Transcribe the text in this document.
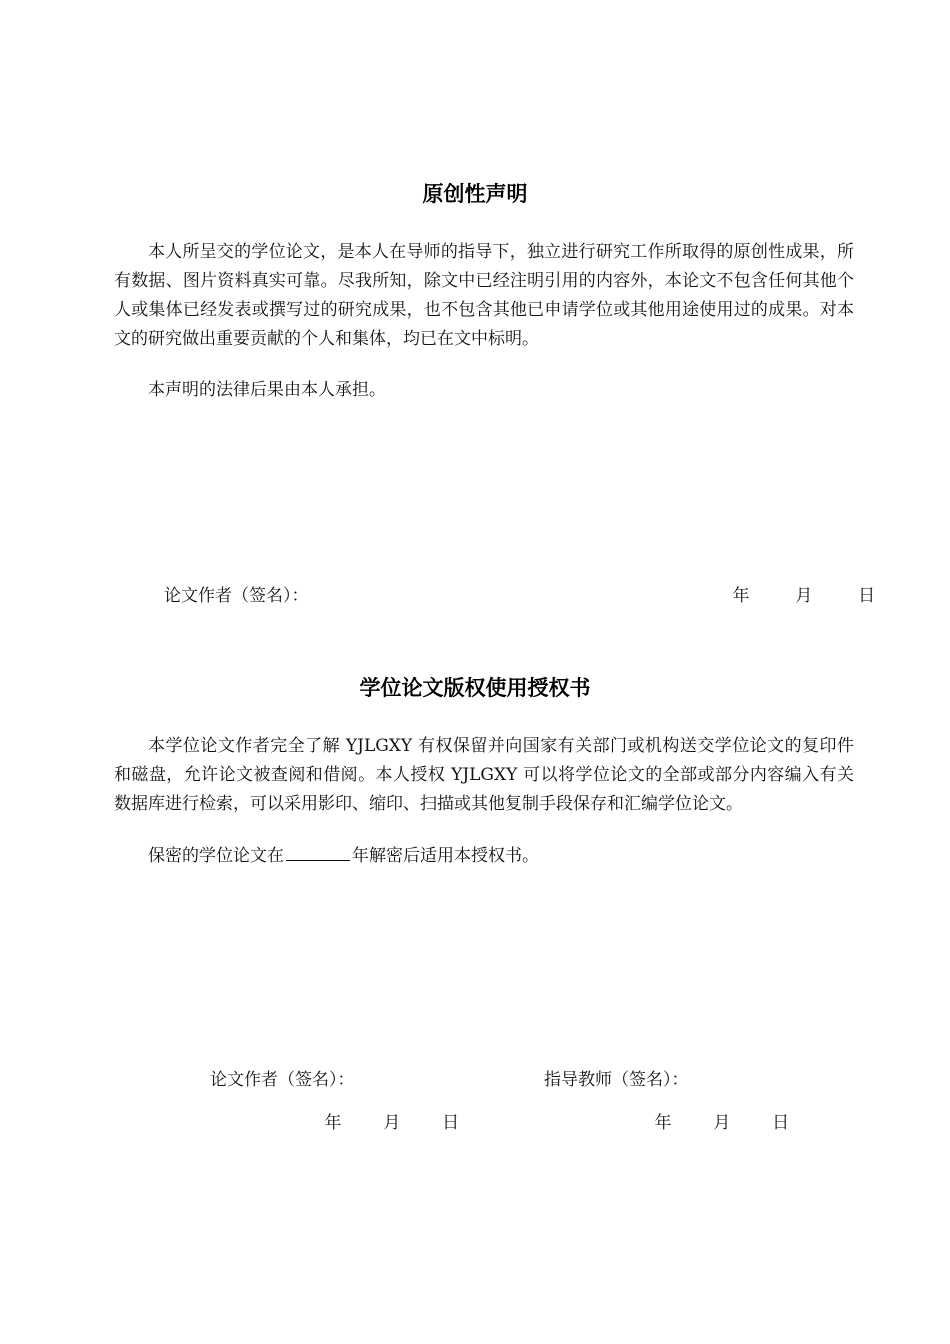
原创性声明

本人所呈交的学位论文，是本人在导师的指导下，独立进行研究工作所取得的原创性成果，所有数据、图片资料真实可靠。尽我所知，除文中已经注明引用的内容外，本论文不包含任何其他个人或集体已经发表或撰写过的研究成果，也不包含其他已申请学位或其他用途使用过的成果。对本文的研究做出重要贡献的个人和集体，均已在文中标明。

本声明的法律后果由本人承担。

论文作者（签名）：	年	月	日
学位论文版权使用授权书

本学位论文作者完全了解 YJLGXY 有权保留并向国家有关部门或机构送交学位论文的复印件和磁盘，允许论文被查阅和借阅。本人授权 YJLGXY 可以将学位论文的全部或部分内容编入有关数据库进行检索，可以采用影印、缩印、扫描或其他复制手段保存和汇编学位论文。

保密的学位论文在	年解密后适用本授权书。

论文作者（签名）：	指导教师（签名）：
年 月 日	年 月 日
